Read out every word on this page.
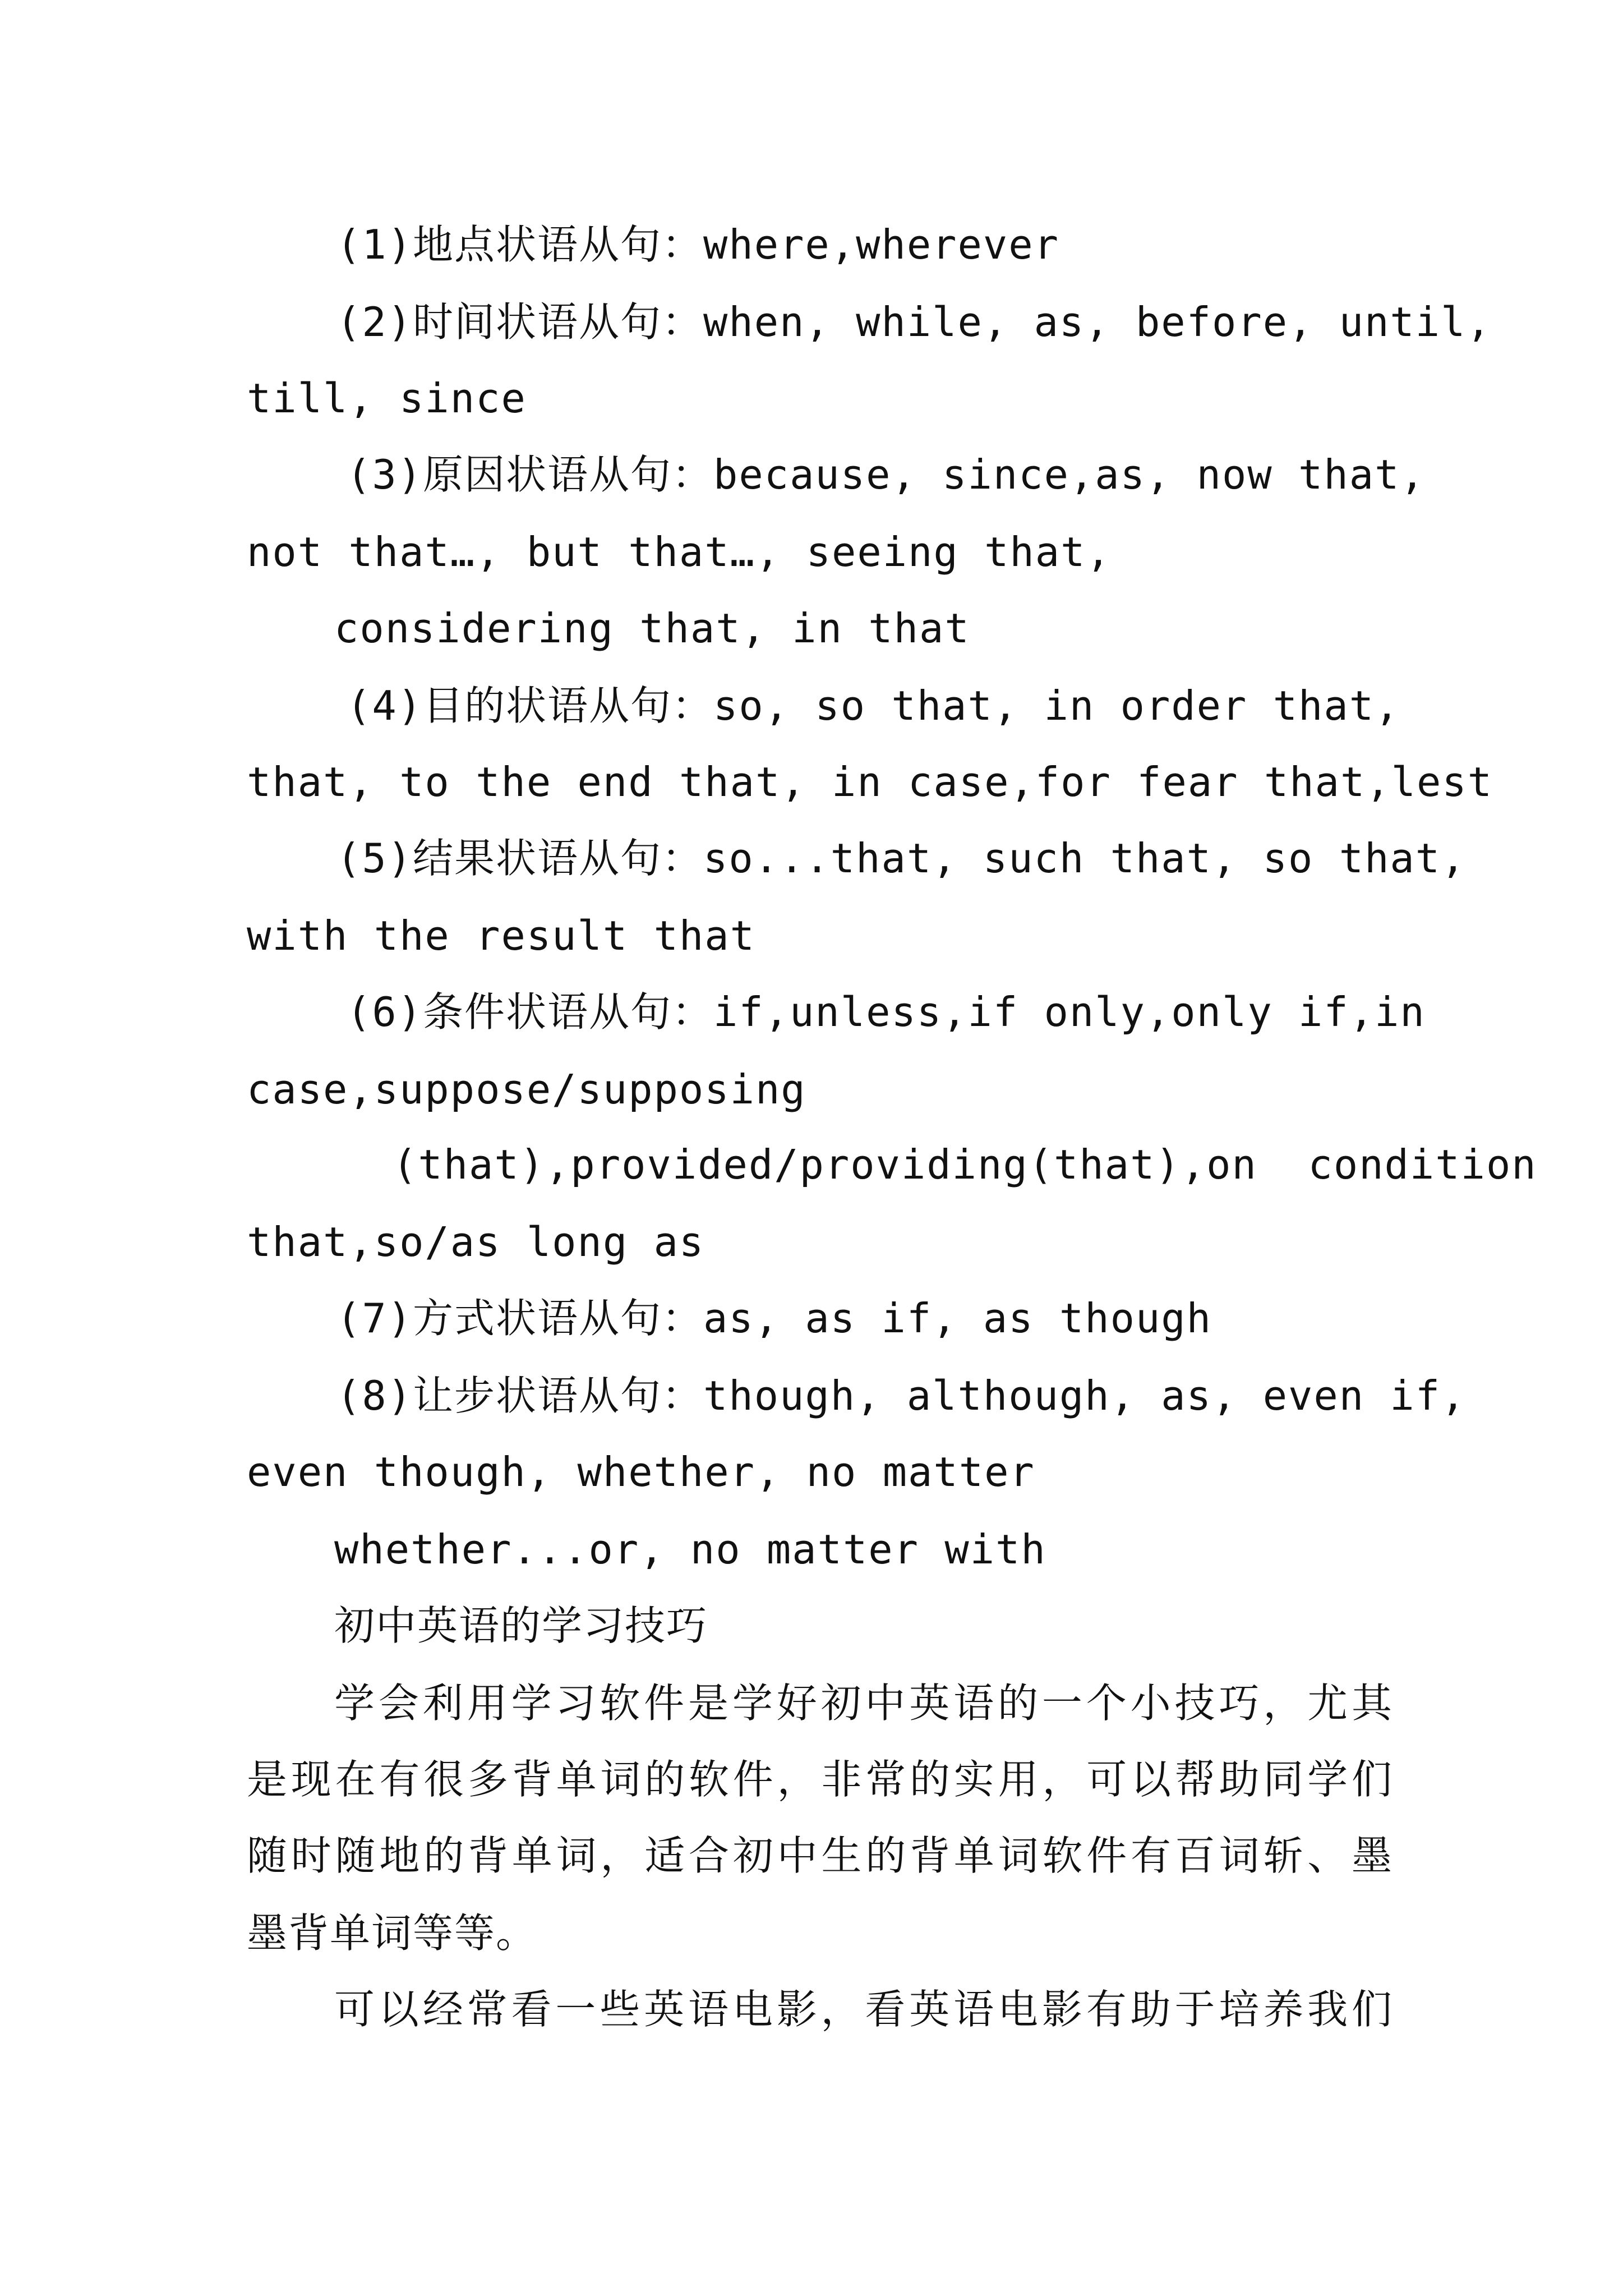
(1)地点状语从句：where,wherever
(2)时间状语从句：when, while, as, before, until,
till, since
(3)原因状语从句：because, since,as, now that,
not that…, but that…, seeing that,
considering that, in that
(4)目的状语从句：so, so that, in order that,
that, to the end that, in case,for fear that,lest
(5)结果状语从句：so...that, such that, so that,
with the result that
(6)条件状语从句：if,unless,if only,only if,in
case,suppose/supposing
(that),provided/providing(that),on  condition
that,so/as long as
(7)方式状语从句：as, as if, as though
(8)让步状语从句：though, although, as, even if,
even though, whether, no matter
whether...or, no matter with
初中英语的学习技巧
学会利用学习软件是学好初中英语的一个小技巧，尤其
是现在有很多背单词的软件，非常的实用，可以帮助同学们
随时随地的背单词，适合初中生的背单词软件有百词斩、墨
墨背单词等等。
可以经常看一些英语电影，看英语电影有助于培养我们
